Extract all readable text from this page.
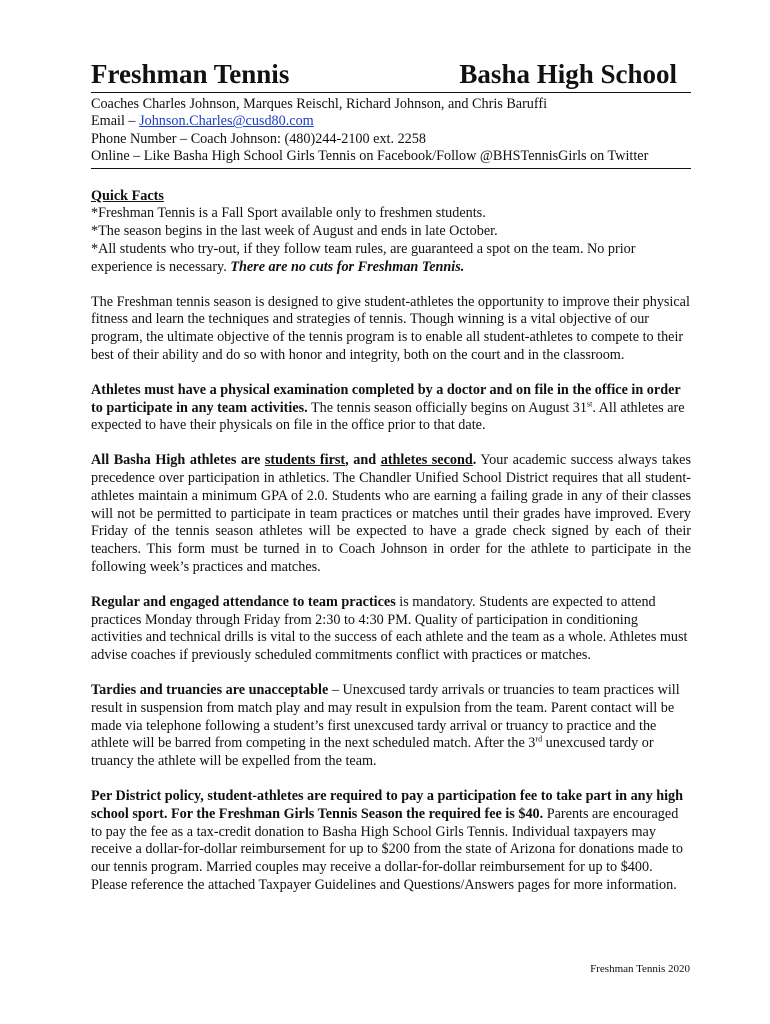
Freshman Tennis	Basha High School
Coaches Charles Johnson, Marques Reischl, Richard Johnson, and Chris Baruffi
Email – Johnson.Charles@cusd80.com
Phone Number – Coach Johnson: (480)244-2100 ext. 2258
Online – Like Basha High School Girls Tennis on Facebook/Follow @BHSTennisGirls on Twitter

Quick Facts

*Freshman Tennis is a Fall Sport available only to freshmen students.

*The season begins in the last week of August and ends in late October.

*All students who try-out, if they follow team rules, are guaranteed a spot on the team. No prior experience is necessary. There are no cuts for Freshman Tennis.

The Freshman tennis season is designed to give student-athletes the opportunity to improve their physical fitness and learn the techniques and strategies of tennis. Though winning is a vital objective of our program, the ultimate objective of the tennis program is to enable all student-athletes to compete to their best of their ability and do so with honor and integrity, both on the court and in the classroom.

Athletes must have a physical examination completed by a doctor and on file in the office in order to participate in any team activities. The tennis season officially begins on August 31st. All athletes are expected to have their physicals on file in the office prior to that date.

All Basha High athletes are students first, and athletes second. Your academic success always takes precedence over participation in athletics. The Chandler Unified School District requires that all student-athletes maintain a minimum GPA of 2.0. Students who are earning a failing grade in any of their classes will not be permitted to participate in team practices or matches until their grades have improved. Every Friday of the tennis season athletes will be expected to have a grade check signed by each of their teachers. This form must be turned in to Coach Johnson in order for the athlete to participate in the following week’s practices and matches.

Regular and engaged attendance to team practices is mandatory. Students are expected to attend practices Monday through Friday from 2:30 to 4:30 PM. Quality of participation in conditioning activities and technical drills is vital to the success of each athlete and the team as a whole. Athletes must advise coaches if previously scheduled commitments conflict with practices or matches.

Tardies and truancies are unacceptable – Unexcused tardy arrivals or truancies to team practices will result in suspension from match play and may result in expulsion from the team. Parent contact will be made via telephone following a student’s first unexcused tardy arrival or truancy to practice and the athlete will be barred from competing in the next scheduled match. After the 3rd unexcused tardy or truancy the athlete will be expelled from the team.

Per District policy, student-athletes are required to pay a participation fee to take part in any high school sport. For the Freshman Girls Tennis Season the required fee is $40. Parents are encouraged to pay the fee as a tax-credit donation to Basha High School Girls Tennis. Individual taxpayers may receive a dollar-for-dollar reimbursement for up to $200 from the state of Arizona for donations made to our tennis program. Married couples may receive a dollar-for-dollar reimbursement for up to $400. Please reference the attached Taxpayer Guidelines and Questions/Answers pages for more information.

Freshman Tennis 2020
